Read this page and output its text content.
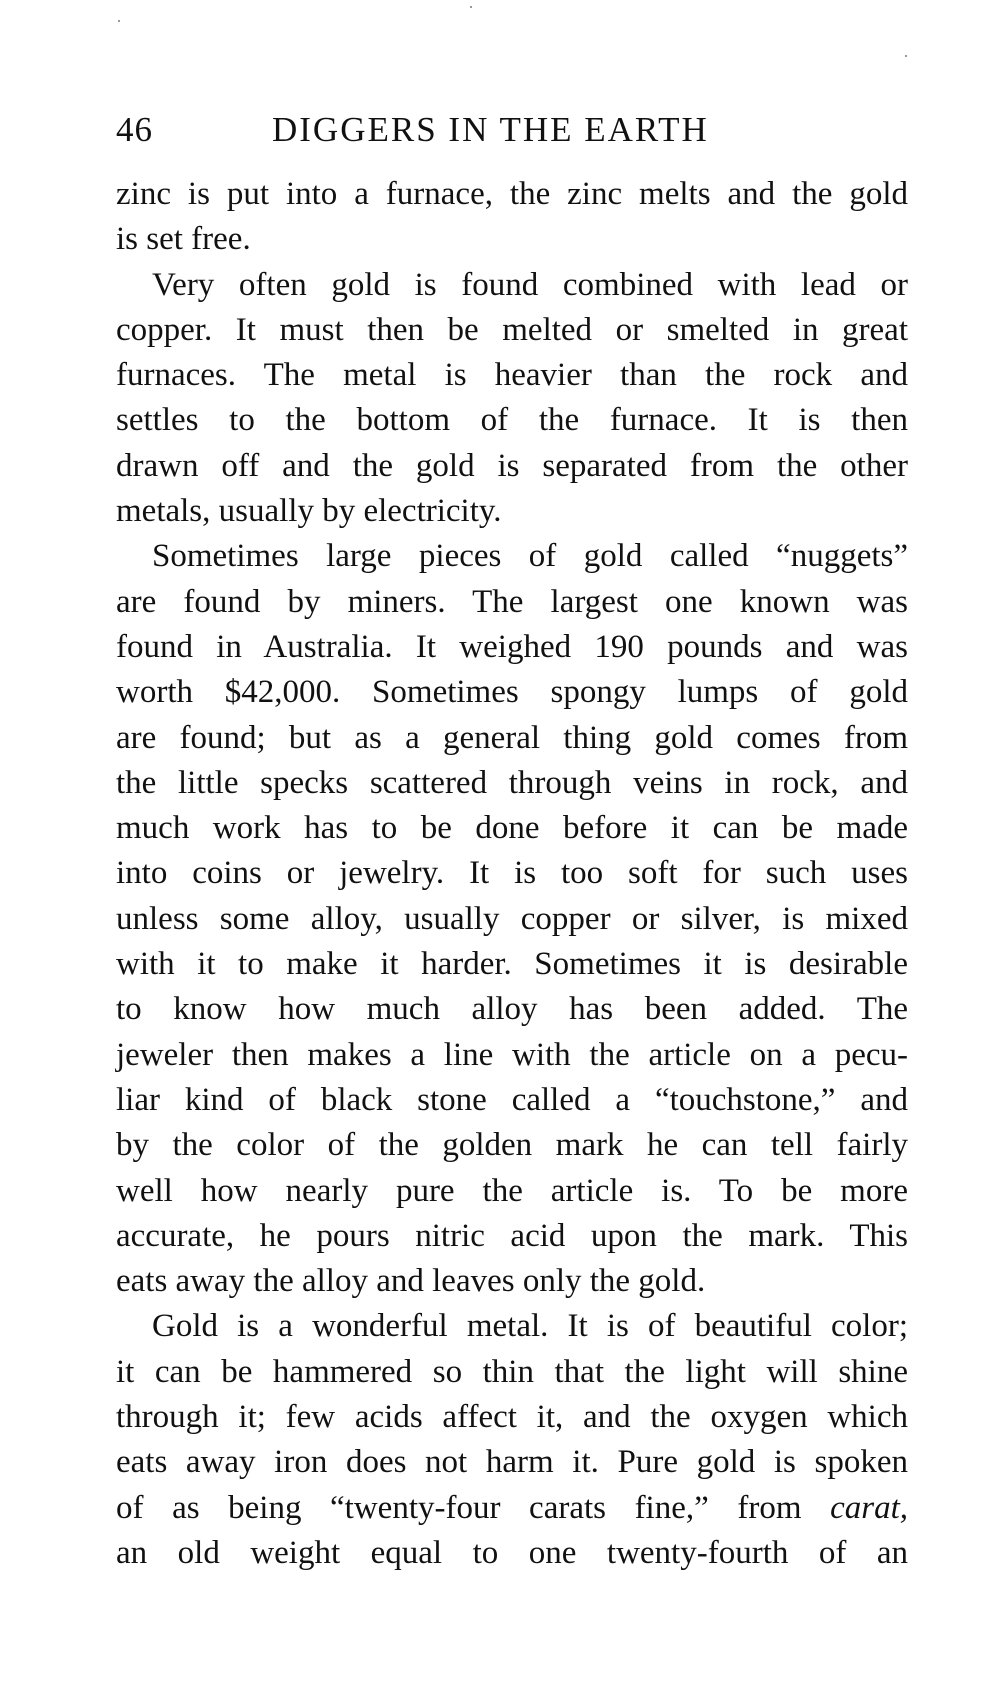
46	DIGGERS IN THE EARTH
zinc is put into a furnace, the zinc melts and the gold
is set free.
Very often gold is found combined with lead or
copper. It must then be melted or smelted in great
furnaces. The metal is heavier than the rock and
settles to the bottom of the furnace. It is then
drawn off and the gold is separated from the other
metals, usually by electricity.
Sometimes large pieces of gold called “nuggets”
are found by miners. The largest one known was
found in Australia. It weighed 190 pounds and was
worth $42,000. Sometimes spongy lumps of gold
are found; but as a general thing gold comes from
the little specks scattered through veins in rock, and
much work has to be done before it can be made
into coins or jewelry. It is too soft for such uses
unless some alloy, usually copper or silver, is mixed
with it to make it harder. Sometimes it is desirable
to know how much alloy has been added. The
jeweler then makes a line with the article on a pecu-
liar kind of black stone called a “touchstone,” and
by the color of the golden mark he can tell fairly
well how nearly pure the article is. To be more
accurate, he pours nitric acid upon the mark. This
eats away the alloy and leaves only the gold.
Gold is a wonderful metal. It is of beautiful color;
it can be hammered so thin that the light will shine
through it; few acids affect it, and the oxygen which
eats away iron does not harm it. Pure gold is spoken
of as being “twenty-four carats fine,” from carat,
an old weight equal to one twenty-fourth of an
